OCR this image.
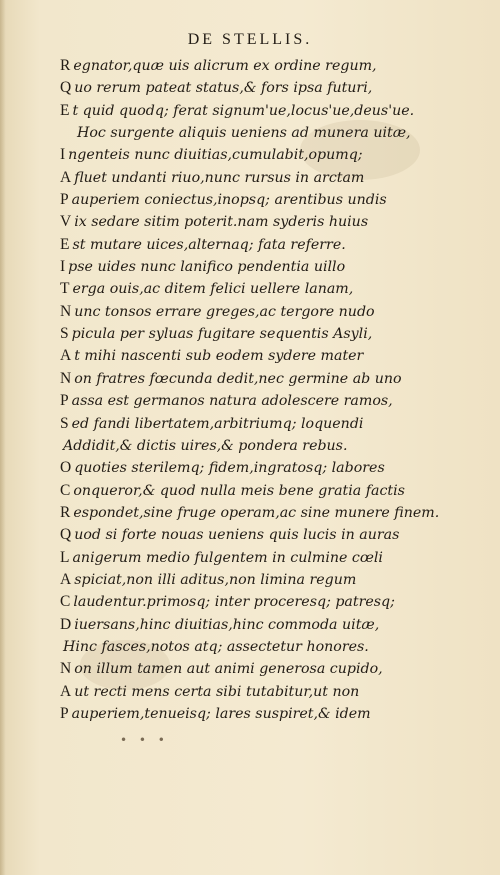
DE STELLIS.
R egnator,quæ uis alicrum ex ordine regum,
Q uo rerum pateat status,& fors ipsa futuri,
E t quid quodq; ferat signum'ue,locus'ue,deus'ue.
Hoc surgente aliquis ueniens ad munera uitæ,
I ngenteis nunc diuitias,cumulabit,opumq;
A fluet undanti riuo,nunc rursus in arctam
P auperiem coniectus,inopsq; arentibus undis
V ix sedare sitim poterit.nam syderis huius
E st mutare uices,alternaq; fata referre.
I pse uides nunc lanifico pendentia uillo
T erga ouis,ac ditem felici uellere lanam,
N unc tonsos errare greges,ac tergore nudo
S picula per syluas fugitare sequentis Asyli,
A t mihi nascenti sub eodem sydere mater
N on fratres fœcunda dedit,nec germine ab uno
P assa est germanos natura adolescere ramos,
S ed fandi libertatem,arbitriumq; loquendi
Addidit,& dictis uires,& pondera rebus.
O quoties sterilemq; fidem,ingratosq; labores
C onqueror,& quod nulla meis bene gratia factis
R espondet,sine fruge operam,ac sine munere finem.
Q uod si forte nouas ueniens quis lucis in auras
L anigerum medio fulgentem in culmine cœli
A spiciat,non illi aditus,non limina regum
C laudentur.primosq; inter proceresq; patresq;
D iuersans,hinc diuitias,hinc commoda uitæ,
Hinc fasces,notos atq; assectetur honores.
N on illum tamen aut animi generosa cupido,
A ut recti mens certa sibi tutabitur,ut non
P auperiem,tenueisq; lares suspiret,& idem
• • •
